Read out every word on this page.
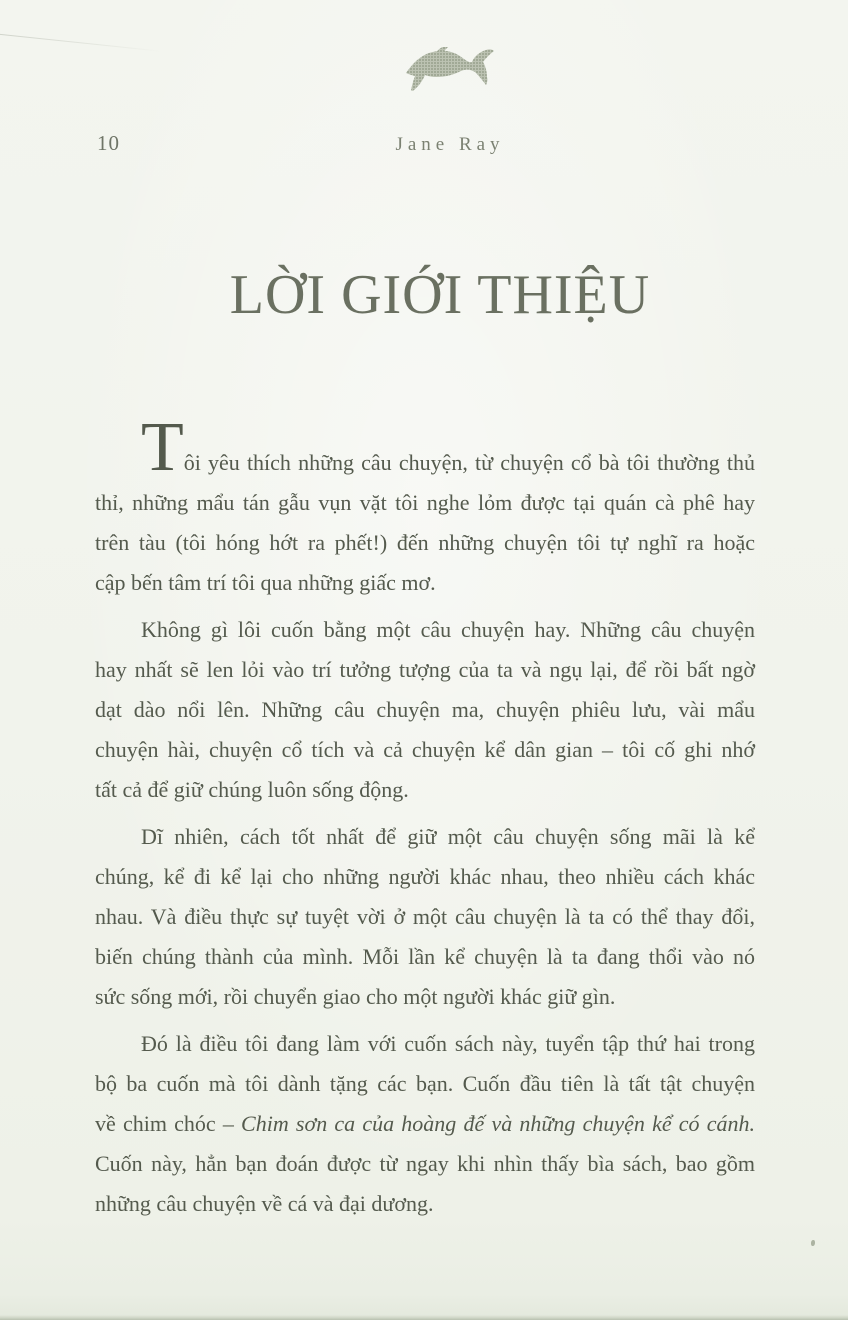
10	Jane Ray
LỜI GIỚI THIỆU
Tôi yêu thích những câu chuyện, từ chuyện cổ bà tôi thường thủ
thỉ, những mẩu tán gẫu vụn vặt tôi nghe lỏm được tại quán cà phê hay
trên tàu (tôi hóng hớt ra phết!) đến những chuyện tôi tự nghĩ ra hoặc
cập bến tâm trí tôi qua những giấc mơ.
Không gì lôi cuốn bằng một câu chuyện hay. Những câu chuyện
hay nhất sẽ len lỏi vào trí tưởng tượng của ta và ngụ lại, để rồi bất ngờ
dạt dào nổi lên. Những câu chuyện ma, chuyện phiêu lưu, vài mẩu
chuyện hài, chuyện cổ tích và cả chuyện kể dân gian – tôi cố ghi nhớ
tất cả để giữ chúng luôn sống động.
Dĩ nhiên, cách tốt nhất để giữ một câu chuyện sống mãi là kể
chúng, kể đi kể lại cho những người khác nhau, theo nhiều cách khác
nhau. Và điều thực sự tuyệt vời ở một câu chuyện là ta có thể thay đổi,
biến chúng thành của mình. Mỗi lần kể chuyện là ta đang thổi vào nó
sức sống mới, rồi chuyển giao cho một người khác giữ gìn.
Đó là điều tôi đang làm với cuốn sách này, tuyển tập thứ hai trong
bộ ba cuốn mà tôi dành tặng các bạn. Cuốn đầu tiên là tất tật chuyện
về chim chóc – Chim sơn ca của hoàng đế và những chuyện kể có cánh.
Cuốn này, hẳn bạn đoán được từ ngay khi nhìn thấy bìa sách, bao gồm
những câu chuyện về cá và đại dương.
